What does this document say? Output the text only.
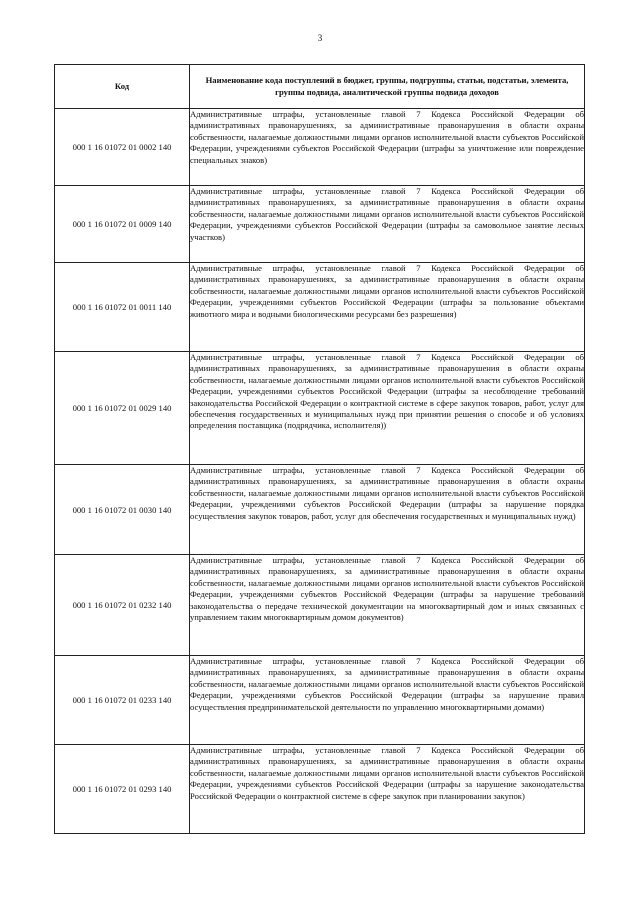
3
Код	Наименование кода поступлений в бюджет, группы, подгруппы, статьи, подстатьи, элемента, группы подвида, аналитической группы подвида доходов
000 1 16 01072 01 0002 140	Административные штрафы, установленные главой 7 Кодекса Российской Федерации об административных правонарушениях, за административные правонарушения в области охраны собственности, налагаемые должностными лицами органов исполнительной власти субъектов Российской Федерации, учреждениями субъектов Российской Федерации (штрафы за уничтожение или повреждение специальных знаков)
000 1 16 01072 01 0009 140	Административные штрафы, установленные главой 7 Кодекса Российской Федерации об административных правонарушениях, за административные правонарушения в области охраны собственности, налагаемые должностными лицами органов исполнительной власти субъектов Российской Федерации, учреждениями субъектов Российской Федерации (штрафы за самовольное занятие лесных участков)
000 1 16 01072 01 0011 140	Административные штрафы, установленные главой 7 Кодекса Российской Федерации об административных правонарушениях, за административные правонарушения в области охраны собственности, налагаемые должностными лицами органов исполнительной власти субъектов Российской Федерации, учреждениями субъектов Российской Федерации (штрафы за пользование объектами животного мира и водными биологическими ресурсами без разрешения)
000 1 16 01072 01 0029 140	Административные штрафы, установленные главой 7 Кодекса Российской Федерации об административных правонарушениях, за административные правонарушения в области охраны собственности, налагаемые должностными лицами органов исполнительной власти субъектов Российской Федерации, учреждениями субъектов Российской Федерации (штрафы за несоблюдение требований законодательства Российской Федерации о контрактной системе в сфере закупок товаров, работ, услуг для обеспечения государственных и муниципальных нужд при принятии решения о способе и об условиях определения поставщика (подрядчика, исполнителя))
000 1 16 01072 01 0030 140	Административные штрафы, установленные главой 7 Кодекса Российской Федерации об административных правонарушениях, за административные правонарушения в области охраны собственности, налагаемые должностными лицами органов исполнительной власти субъектов Российской Федерации, учреждениями субъектов Российской Федерации (штрафы за нарушение порядка осуществления закупок товаров, работ, услуг для обеспечения государственных и муниципальных нужд)
000 1 16 01072 01 0232 140	Административные штрафы, установленные главой 7 Кодекса Российской Федерации об административных правонарушениях, за административные правонарушения в области охраны собственности, налагаемые должностными лицами органов исполнительной власти субъектов Российской Федерации, учреждениями субъектов Российской Федерации (штрафы за нарушение требований законодательства о передаче технической документации на многоквартирный дом и иных связанных с управлением таким многоквартирным домом документов)
000 1 16 01072 01 0233 140	Административные штрафы, установленные главой 7 Кодекса Российской Федерации об административных правонарушениях, за административные правонарушения в области охраны собственности, налагаемые должностными лицами органов исполнительной власти субъектов Российской Федерации, учреждениями субъектов Российской Федерации (штрафы за нарушение правил осуществления предпринимательской деятельности по управлению многоквартирными домами)
000 1 16 01072 01 0293 140	Административные штрафы, установленные главой 7 Кодекса Российской Федерации об административных правонарушениях, за административные правонарушения в области охраны собственности, налагаемые должностными лицами органов исполнительной власти субъектов Российской Федерации, учреждениями субъектов Российской Федерации (штрафы за нарушение законодательства Российской Федерации о контрактной системе в сфере закупок при планировании закупок)
